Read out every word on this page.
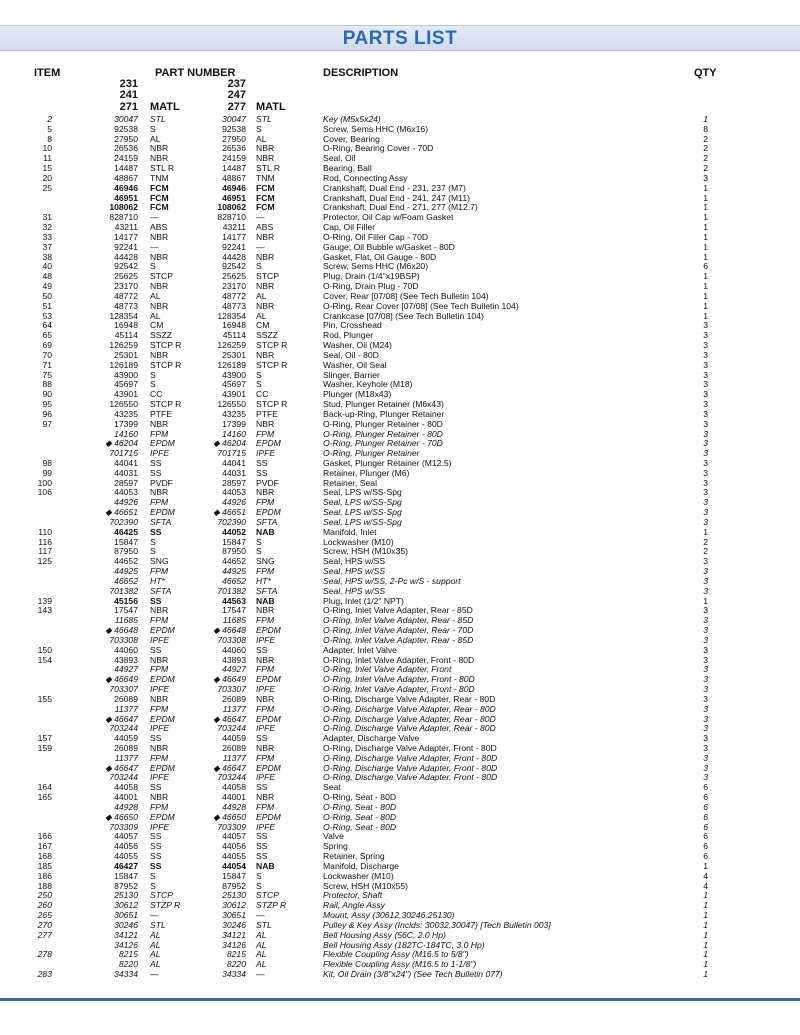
PARTS LIST
ITEM	PART NUMBER	DESCRIPTION	QTY
231
241
271 MATL
237
247
277 MATL
2	30047 STL	30047 STL	Key (M5x5x24)	1
5	92538 S	92538 S	Screw, Sems HHC (M6x16)	8
8	27950 AL	27950 AL	Cover, Bearing	2
10	26536 NBR	26536 NBR	O-Ring, Bearing Cover - 70D	2
11	24159 NBR	24159 NBR	Seal, Oil	2
15	14487 STL R	14487 STL R	Bearing, Ball	2
20	48867 TNM	48867 TNM	Rod, Connecting Assy	3
25	46946 FCM	46946 FCM	Crankshaft, Dual End - 231, 237 (M7)	1
46951 FCM	46951 FCM	Crankshaft, Dual End - 241, 247 (M11)	1
108062 FCM	108062 FCM	Crankshaft, Dual End - 271, 277 (M12.7)	1
31	828710 —	828710 —	Protector, Oil Cap w/Foam Gasket	1
32	43211 ABS	43211 ABS	Cap, Oil Filler	1
33	14177 NBR	14177 NBR	O-Ring, Oil Filler Cap - 70D	1
37	92241 —	92241 —	Gauge, Oil Bubble w/Gasket - 80D	1
38	44428 NBR	44428 NBR	Gasket, Flat, Oil Gauge - 80D	1
40	92542 S	92542 S	Screw, Sems HHC (M6x20)	6
48	25625 STCP	25625 STCP	Plug, Drain (1/4"x19BSP)	1
49	23170 NBR	23170 NBR	O-Ring, Drain Plug - 70D	1
50	48772 AL	48772 AL	Cover, Rear [07/08] (See Tech Bulletin 104)	1
51	48773 NBR	48773 NBR	O-Ring, Rear Cover [07/08] (See Tech Bulletin 104)	1
53	128354 AL	128354 AL	Crankcase [07/08] (See Tech Bulletin 104)	1
64	16948 CM	16948 CM	Pin, Crosshead	3
65	45114 SSZZ	45114 SSZZ	Rod, Plunger	3
69	126259 STCP R	126259 STCP R	Washer, Oil (M24)	3
70	25301 NBR	25301 NBR	Seal, Oil - 80D	3
71	126189 STCP R	126189 STCP R	Washer, Oil Seal	3
75	43900 S	43900 S	Slinger, Barrier	3
88	45697 S	45697 S	Washer, Keyhole (M18)	3
90	43901 CC	43901 CC	Plunger (M18x43)	3
95	126550 STCP R	126550 STCP R	Stud, Plunger Retainer (M6x43)	3
96	43235 PTFE	43235 PTFE	Back-up-Ring, Plunger Retainer	3
97	17399 NBR	17399 NBR	O-Ring, Plunger Retainer - 80D	3
14160 FPM	14160 FPM	O-Ring, Plunger Retainer - 80D	3
◆ 46204 EPDM	◆ 46204 EPDM	O-Ring, Plunger Retainer - 70D	3
701715 IPFE	701715 IPFE	O-Ring, Plunger Retainer	3
98	44041 SS	44041 SS	Gasket, Plunger Retainer (M12.5)	3
99	44031 SS	44031 SS	Retainer, Plunger (M6)	3
100	28597 PVDF	28597 PVDF	Retainer, Seal	3
106	44053 NBR	44053 NBR	Seal, LPS w/SS-Spg	3
44926 FPM	44926 FPM	Seal, LPS w/SS-Spg	3
◆ 46651 EPDM	◆ 46651 EPDM	Seal, LPS w/SS-Spg	3
702390 SFTA	702390 SFTA	Seal, LPS w/SS-Spg	3
110	46425 SS	44052 NAB	Manifold, Inlet	1
116	15847 S	15847 S	Lockwasher (M10)	2
117	87950 S	87950 S	Screw, HSH (M10x35)	2
125	44652 SNG	44652 SNG	Seal, HPS w/SS	3
44925 FPM	44925 FPM	Seal, HPS w/SS	3
46652 HT*	46652 HT*	Seal, HPS w/SS, 2-Pc w/S - support	3
701382 SFTA	701382 SFTA	Seal, HPS w/SS	3
139	45156 SS	44563 NAB	Plug, Inlet (1/2" NPT)	1
143	17547 NBR	17547 NBR	O-Ring, Inlet Valve Adapter, Rear - 85D	3
11685 FPM	11685 FPM	O-Ring, Inlet Valve Adapter, Rear - 85D	3
◆ 46648 EPDM	◆ 46648 EPDM	O-Ring, Inlet Valve Adapter, Rear - 70D	3
703308 IPFE	703308 IPFE	O-Ring, Inlet Valve Adapter, Rear - 85D	3
150	44060 SS	44060 SS	Adapter, Inlet Valve	3
154	43893 NBR	43893 NBR	O-Ring, Inlet Valve Adapter, Front - 80D	3
44927 FPM	44927 FPM	O-Ring, Inlet Valve Adapter, Front	3
◆ 46649 EPDM	◆ 46649 EPDM	O-Ring, Inlet Valve Adapter, Front - 80D	3
703307 IPFE	703307 IPFE	O-Ring, Inlet Valve Adapter, Front - 80D	3
155	26089 NBR	26089 NBR	O-Ring, Discharge Valve Adapter, Rear - 80D	3
11377 FPM	11377 FPM	O-Ring, Discharge Valve Adapter, Rear - 80D	3
◆ 46647 EPDM	◆ 46647 EPDM	O-Ring, Discharge Valve Adapter, Rear - 80D	3
703244 IPFE	703244 IPFE	O-Ring, Discharge Valve Adapter, Rear - 80D	3
157	44059 SS	44059 SS	Adapter, Discharge Valve	3
159	26089 NBR	26089 NBR	O-Ring, Discharge Valve Adapter, Front - 80D	3
11377 FPM	11377 FPM	O-Ring, Discharge Valve Adapter, Front - 80D	3
◆ 46647 EPDM	◆ 46647 EPDM	O-Ring, Discharge Valve Adapter, Front - 80D	3
703244 IPFE	703244 IPFE	O-Ring, Discharge Valve Adapter, Front - 80D	3
164	44058 SS	44058 SS	Seat	6
165	44001 NBR	44001 NBR	O-Ring, Seat - 80D	6
44928 FPM	44928 FPM	O-Ring, Seat - 80D	6
◆ 46650 EPDM	◆ 46650 EPDM	O-Ring, Seat - 80D	6
703309 IPFE	703309 IPFE	O-Ring, Seat - 80D	6
166	44057 SS	44057 SS	Valve	6
167	44056 SS	44056 SS	Spring	6
168	44055 SS	44055 SS	Retainer, Spring	6
185	46427 SS	44054 NAB	Manifold, Discharge	1
186	15847 S	15847 S	Lockwasher (M10)	4
188	87952 S	87952 S	Screw, HSH (M10x55)	4
250	25130 STCP	25130 STCP	Protector, Shaft	1
260	30612 STZP R	30612 STZP R	Rail, Angle Assy	1
265	30651 —	30651 —	Mount, Assy (30612,30246,25130)	1
270	30246 STL	30246 STL	Pulley & Key Assy (Inclds: 30032,30047) [Tech Bulletin 003]	1
277	34121 AL	34121 AL	Bell Housing Assy (56C, 2.0 Hp)	1
34126 AL	34126 AL	Bell Housing Assy (182TC-184TC, 3.0 Hp)	1
278	8215 AL	8215 AL	Flexible Coupling Assy (M16.5 to 5/8")	1
8220 AL	8220 AL	Flexible Coupling Assy (M16.5 to 1-1/8")	1
283	34334 —	34334 —	Kit, Oil Drain (3/8"x24") (See Tech Bulletin 077)	1
